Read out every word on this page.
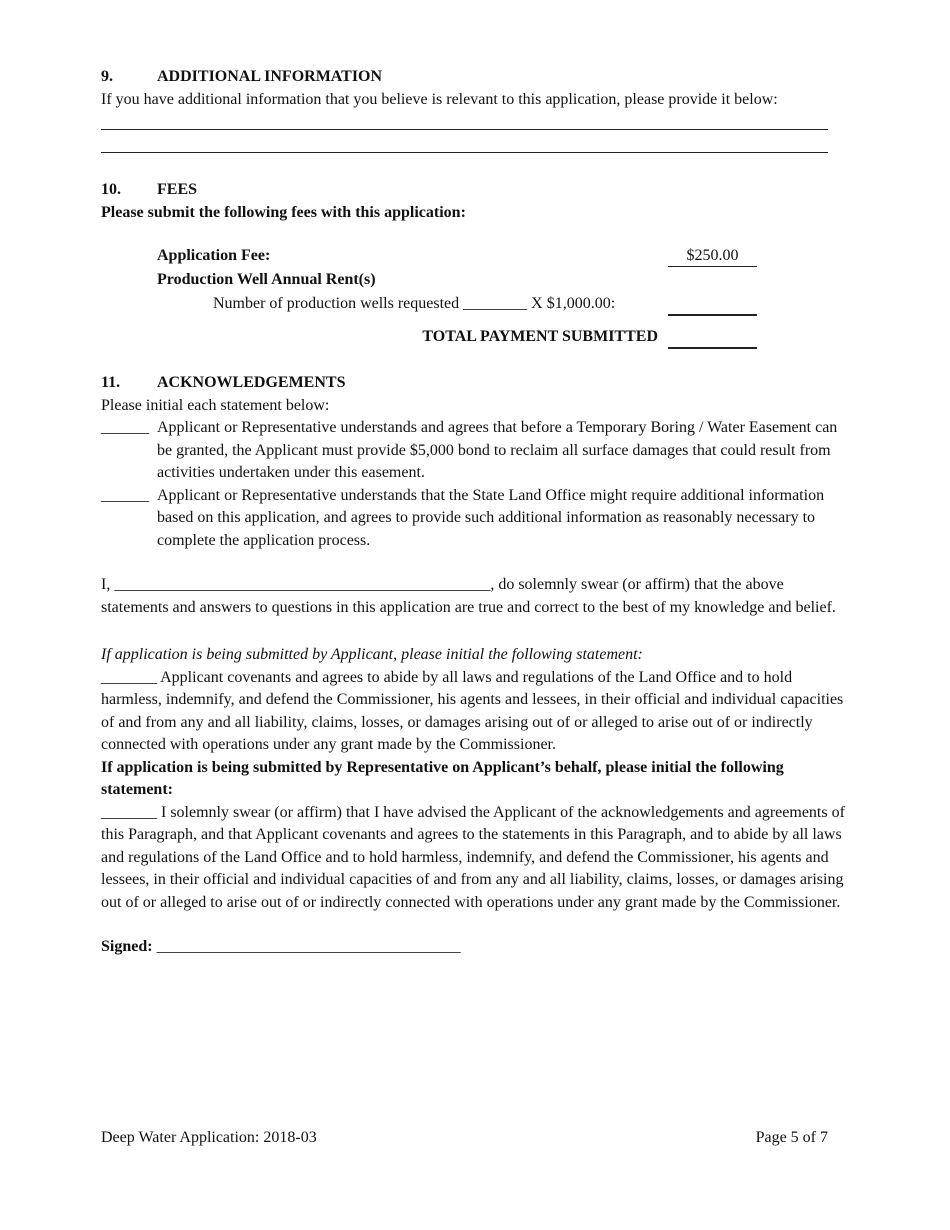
9.	ADDITIONAL INFORMATION

If you have additional information that you believe is relevant to this application, please provide it below:

10. FEES

Please submit the following fees with this application:

Application Fee:	$250.00
Production Well Annual Rent(s)
Number of production wells requested ________ X $1,000.00:
TOTAL PAYMENT SUBMITTED

11. ACKNOWLEDGEMENTS

Please initial each statement below:

______ Applicant or Representative understands and agrees that before a Temporary Boring / Water Easement can be granted, the Applicant must provide $5,000 bond to reclaim all surface damages that could result from activities undertaken under this easement.
______ Applicant or Representative understands that the State Land Office might require additional information based on this application, and agrees to provide such additional information as reasonably necessary to complete the application process.

I, _______________________________________________, do solemnly swear (or affirm) that the above statements and answers to questions in this application are true and correct to the best of my knowledge and belief.

If application is being submitted by Applicant, please initial the following statement:

_______ Applicant covenants and agrees to abide by all laws and regulations of the Land Office and to hold harmless, indemnify, and defend the Commissioner, his agents and lessees, in their official and individual capacities of and from any and all liability, claims, losses, or damages arising out of or alleged to arise out of or indirectly connected with operations under any grant made by the Commissioner.

If application is being submitted by Representative on Applicant’s behalf, please initial the following statement:

_______ I solemnly swear (or affirm) that I have advised the Applicant of the acknowledgements and agreements of this Paragraph, and that Applicant covenants and agrees to the statements in this Paragraph, and to abide by all laws and regulations of the Land Office and to hold harmless, indemnify, and defend the Commissioner, his agents and lessees, in their official and individual capacities of and from any and all liability, claims, losses, or damages arising out of or alleged to arise out of or indirectly connected with operations under any grant made by the Commissioner.

Signed: ______________________________________

Deep Water Application: 2018-03	Page 5 of 7
